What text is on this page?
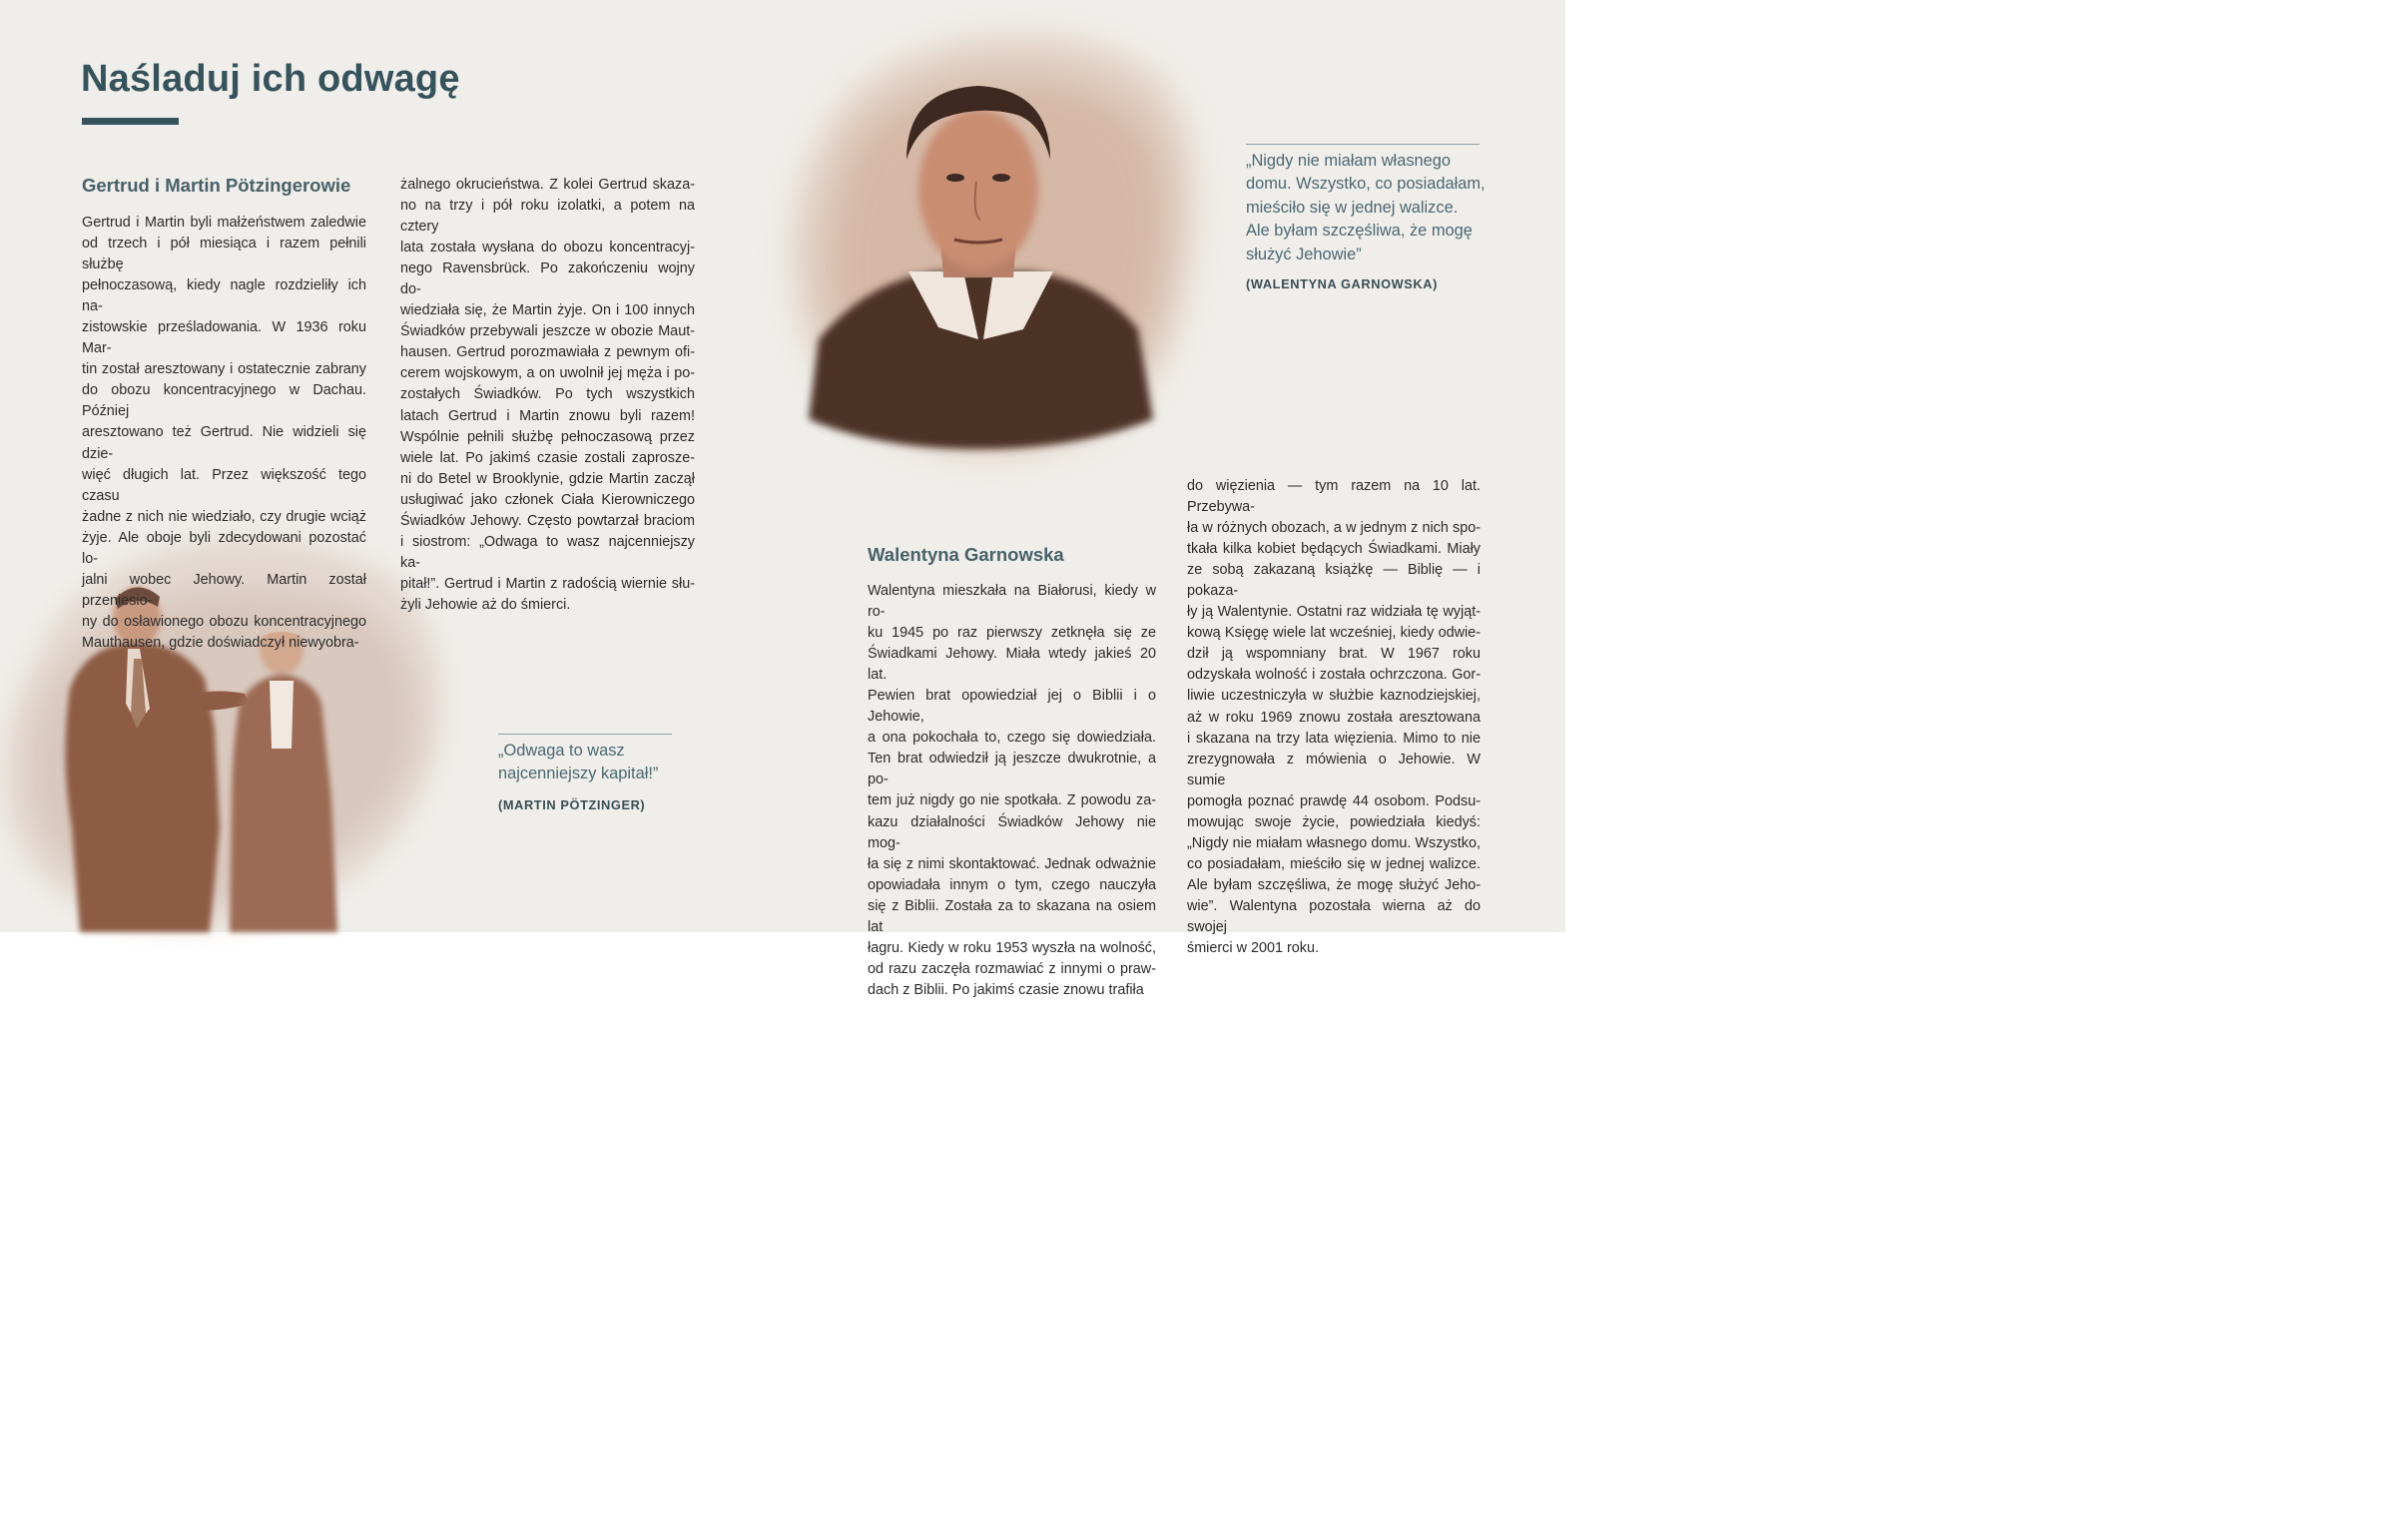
Naśladuj ich odwagę
Gertrud i Martin Pötzingerowie
Gertrud i Martin byli małżeństwem zaledwie
od trzech i pół miesiąca i razem pełnili służbę
pełnoczasową, kiedy nagle rozdzieliły ich na-
zistowskie prześladowania. W 1936 roku Mar-
tin został aresztowany i ostatecznie zabrany
do obozu koncentracyjnego w Dachau. Później
aresztowano też Gertrud. Nie widzieli się dzie-
więć długich lat. Przez większość tego czasu
żadne z nich nie wiedziało, czy drugie wciąż
żyje. Ale oboje byli zdecydowani pozostać lo-
jalni wobec Jehowy. Martin został przeniesio-
ny do osławionego obozu koncentracyjnego
Mauthausen, gdzie doświadczył niewyobra-
żalnego okrucieństwa. Z kolei Gertrud skaza-
no na trzy i pół roku izolatki, a potem na cztery
lata została wysłana do obozu koncentracyj-
nego Ravensbrück. Po zakończeniu wojny do-
wiedziała się, że Martin żyje. On i 100 innych
Świadków przebywali jeszcze w obozie Maut-
hausen. Gertrud porozmawiała z pewnym ofi-
cerem wojskowym, a on uwolnił jej męża i po-
zostałych Świadków. Po tych wszystkich
latach Gertrud i Martin znowu byli razem!
Wspólnie pełnili służbę pełnoczasową przez
wiele lat. Po jakimś czasie zostali zaprosze-
ni do Betel w Brooklynie, gdzie Martin zaczął
usługiwać jako członek Ciała Kierowniczego
Świadków Jehowy. Często powtarzał braciom
i siostrom: „Odwaga to wasz najcenniejszy ka-
pitał!”. Gertrud i Martin z radością wiernie słu-
żyli Jehowie aż do śmierci.
„Odwaga to wasz
najcenniejszy kapitał!”
(MARTIN PÖTZINGER)
„Nigdy nie miałam własnego
domu. Wszystko, co posiadałam,
mieściło się w jednej walizce.
Ale byłam szczęśliwa, że mogę
służyć Jehowie”
(WALENTYNA GARNOWSKA)
Walentyna Garnowska
Walentyna mieszkała na Białorusi, kiedy w ro-
ku 1945 po raz pierwszy zetknęła się ze
Świadkami Jehowy. Miała wtedy jakieś 20 lat.
Pewien brat opowiedział jej o Biblii i o Jehowie,
a ona pokochała to, czego się dowiedziała.
Ten brat odwiedził ją jeszcze dwukrotnie, a po-
tem już nigdy go nie spotkała. Z powodu za-
kazu działalności Świadków Jehowy nie mog-
ła się z nimi skontaktować. Jednak odważnie
opowiadała innym o tym, czego nauczyła
się z Biblii. Została za to skazana na osiem lat
łagru. Kiedy w roku 1953 wyszła na wolność,
od razu zaczęła rozmawiać z innymi o praw-
dach z Biblii. Po jakimś czasie znowu trafiła
do więzienia — tym razem na 10 lat. Przebywa-
ła w różnych obozach, a w jednym z nich spo-
tkała kilka kobiet będących Świadkami. Miały
ze sobą zakazaną książkę — Biblię — i pokaza-
ły ją Walentynie. Ostatni raz widziała tę wyjąt-
kową Księgę wiele lat wcześniej, kiedy odwie-
dził ją wspomniany brat. W 1967 roku
odzyskała wolność i została ochrzczona. Gor-
liwie uczestniczyła w służbie kaznodziejskiej,
aż w roku 1969 znowu została aresztowana
i skazana na trzy lata więzienia. Mimo to nie
zrezygnowała z mówienia o Jehowie. W sumie
pomogła poznać prawdę 44 osobom. Podsu-
mowując swoje życie, powiedziała kiedyś:
„Nigdy nie miałam własnego domu. Wszystko,
co posiadałam, mieściło się w jednej walizce.
Ale byłam szczęśliwa, że mogę służyć Jeho-
wie”. Walentyna pozostała wierna aż do swojej
śmierci w 2001 roku.
